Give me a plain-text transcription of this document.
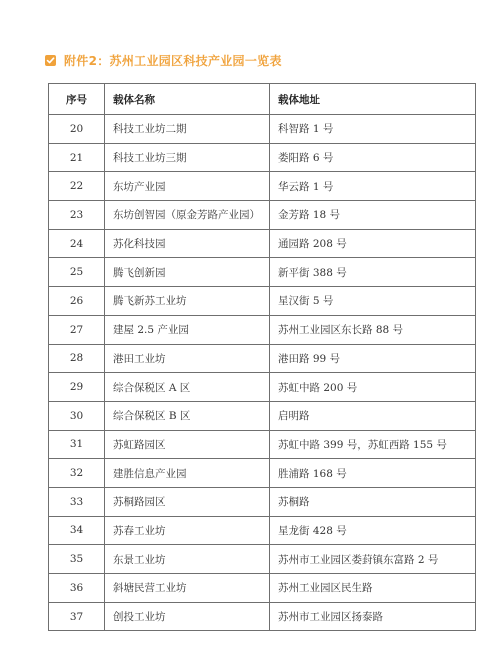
附件2：苏州工业园区科技产业园一览表
序号	载体名称	载体地址
20	科技工业坊二期	科智路 1 号
21	科技工业坊三期	娄阳路 6 号
22	东坊产业园	华云路 1 号
23	东坊创智园（原金芳路产业园）	金芳路 18 号
24	苏化科技园	通园路 208 号
25	腾飞创新园	新平街 388 号
26	腾飞新苏工业坊	星汉街 5 号
27	建屋 2.5 产业园	苏州工业园区东长路 88 号
28	港田工业坊	港田路 99 号
29	综合保税区 A 区	苏虹中路 200 号
30	综合保税区 B 区	启明路
31	苏虹路园区	苏虹中路 399 号，苏虹西路 155 号
32	建胜信息产业园	胜浦路 168 号
33	苏桐路园区	苏桐路
34	苏春工业坊	星龙街 428 号
35	东景工业坊	苏州市工业园区娄葑镇东富路 2 号
36	斜塘民营工业坊	苏州工业园区民生路
37	创投工业坊	苏州市工业园区扬泰路
